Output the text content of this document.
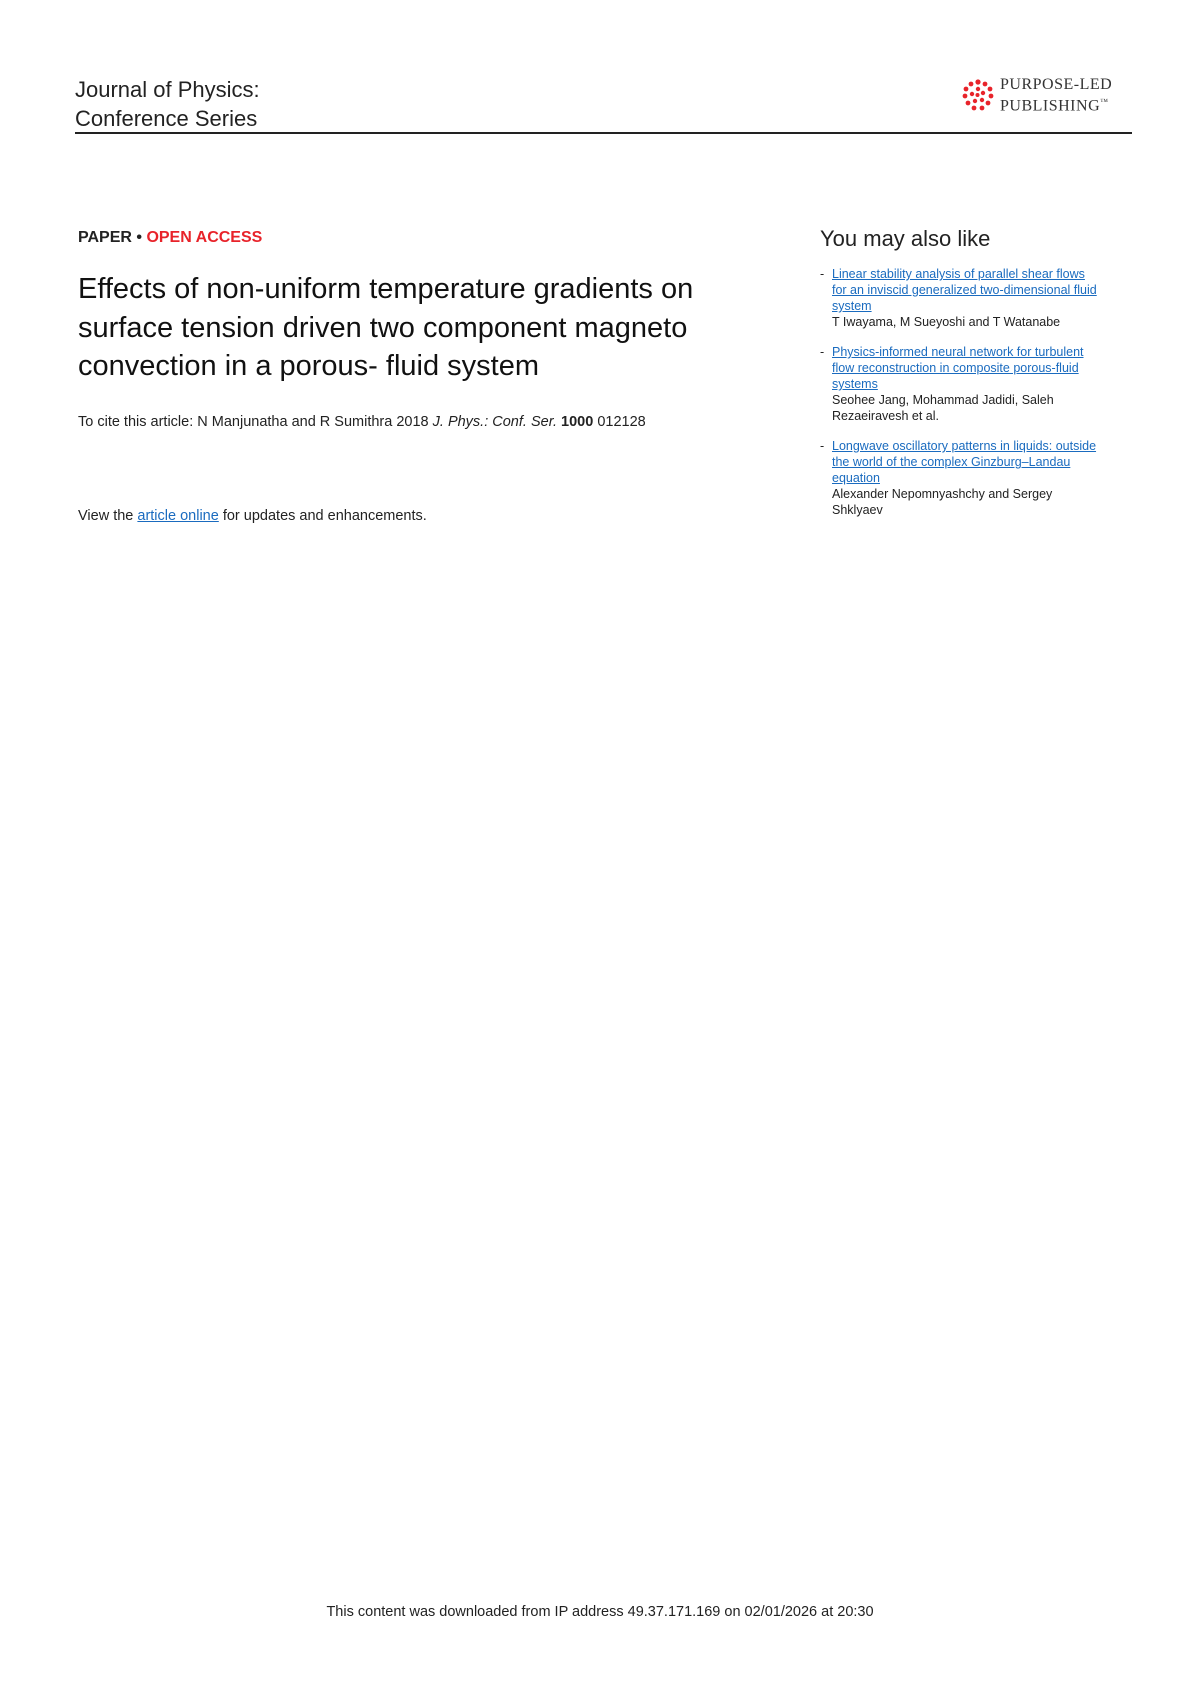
Journal of Physics:
Conference Series
PURPOSE-LED
PUBLISHING™
PAPER • OPEN ACCESS
Effects of non-uniform temperature gradients on surface tension driven two component magneto convection in a porous- fluid system
To cite this article: N Manjunatha and R Sumithra 2018 J. Phys.: Conf. Ser. 1000 012128
View the article online for updates and enhancements.
You may also like
- Linear stability analysis of parallel shear flows for an inviscid generalized two-dimensional fluid system
T Iwayama, M Sueyoshi and T Watanabe
- Physics-informed neural network for turbulent flow reconstruction in composite porous-fluid systems
Seohee Jang, Mohammad Jadidi, Saleh Rezaeiravesh et al.
- Longwave oscillatory patterns in liquids: outside the world of the complex Ginzburg–Landau equation
Alexander Nepomnyashchy and Sergey Shklyaev
This content was downloaded from IP address 49.37.171.169 on 02/01/2026 at 20:30
